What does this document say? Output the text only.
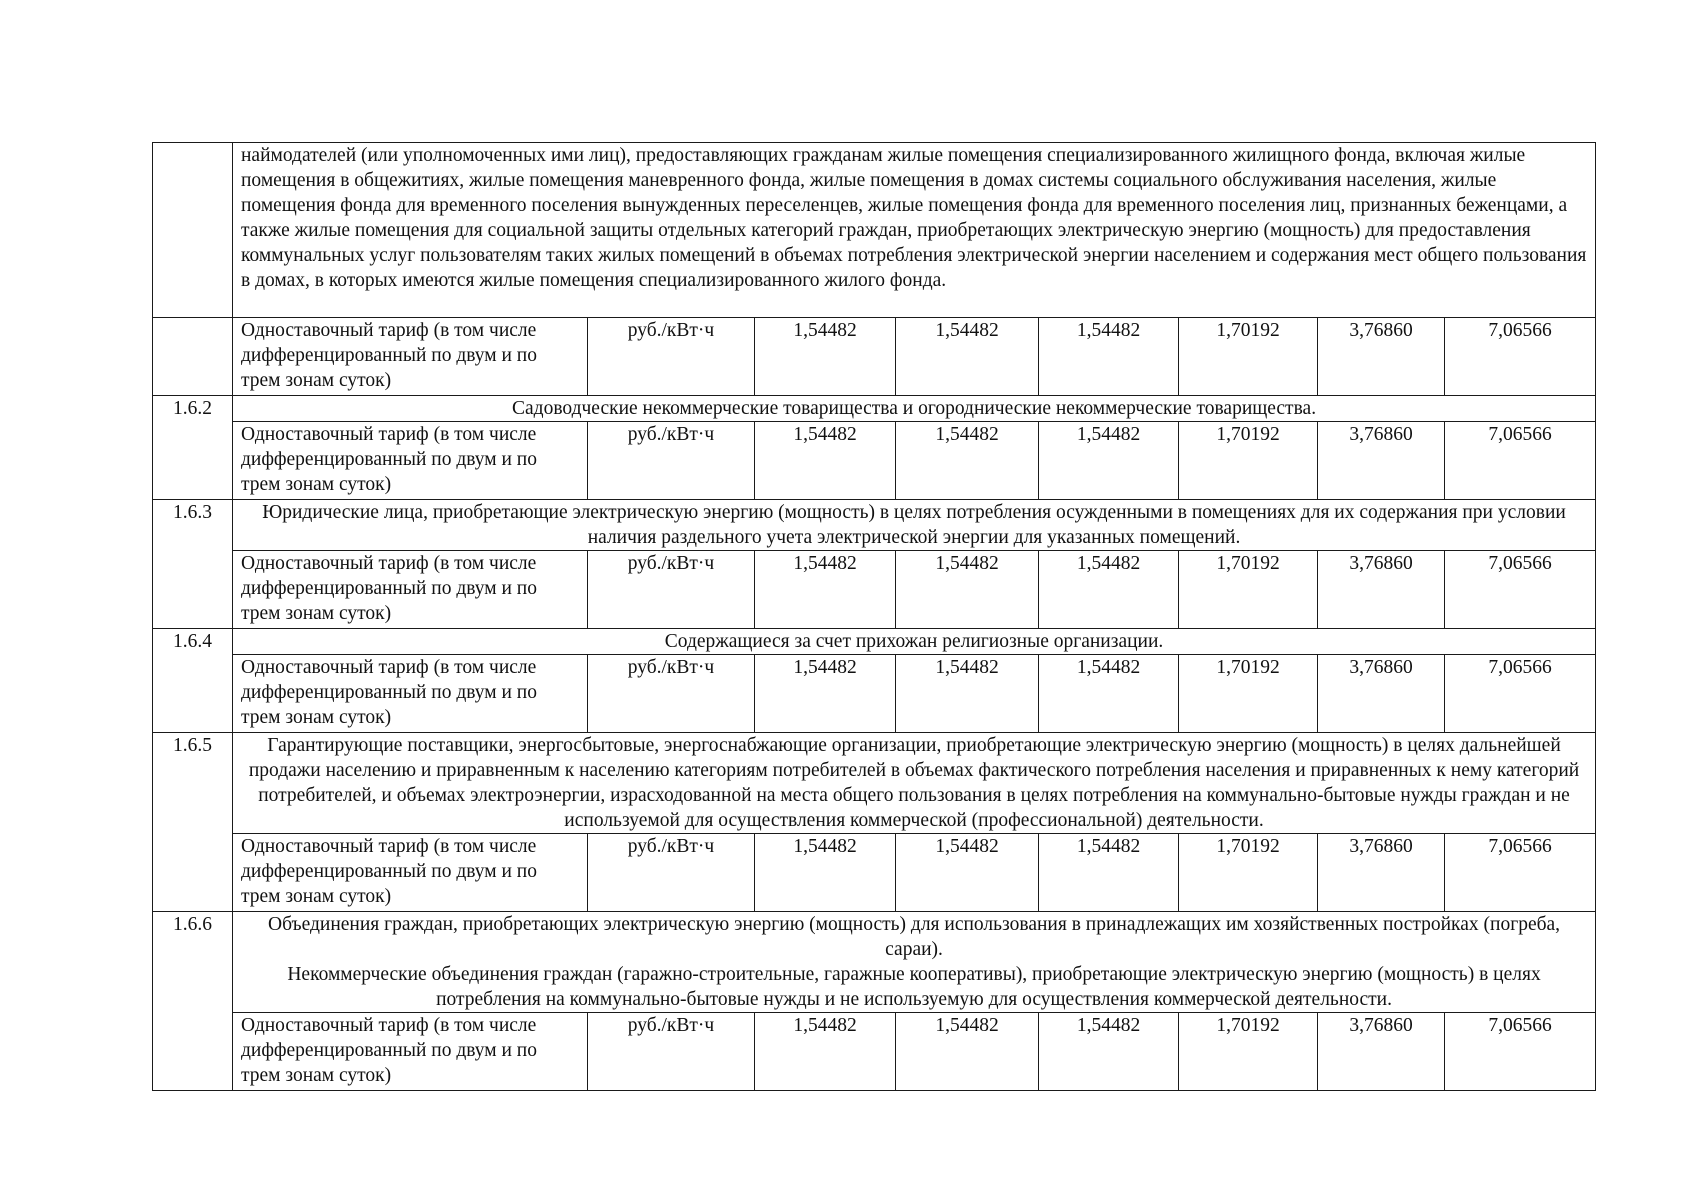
	наймодателей (или уполномоченных ими лиц), предоставляющих гражданам жилые помещения специализированного жилищного фонда, включая жилые помещения в общежитиях, жилые помещения маневренного фонда, жилые помещения в домах системы социального обслуживания населения, жилые помещения фонда для временного поселения вынужденных переселенцев, жилые помещения фонда для временного поселения лиц, признанных беженцами, а также жилые помещения для социальной защиты отдельных категорий граждан, приобретающих электрическую энергию (мощность) для предоставления коммунальных услуг пользователям таких жилых помещений в объемах потребления электрической энергии населением и содержания мест общего пользования в домах, в которых имеются жилые помещения специализированного жилого фонда.							
	Одноставочный тариф (в том числе дифференцированный по двум и по трем зонам суток)	руб./кВт·ч	1,54482	1,54482	1,54482	1,70192	3,76860	7,06566
1.6.2	Садоводческие некоммерческие товарищества и огороднические некоммерческие товарищества.							

	Одноставочный тариф (в том числе дифференцированный по двум и по трем зонам суток)	руб./кВт·ч	1,54482	1,54482	1,54482	1,70192	3,76860	7,06566
1.6.3	Юридические лица, приобретающие электрическую энергию (мощность) в целях потребления осужденными в помещениях для их содержания при условии наличия раздельного учета электрической энергии для указанных помещений.							

	Одноставочный тариф (в том числе дифференцированный по двум и по трем зонам суток)	руб./кВт·ч	1,54482	1,54482	1,54482	1,70192	3,76860	7,06566
1.6.4	Содержащиеся за счет прихожан религиозные организации.							

	Одноставочный тариф (в том числе дифференцированный по двум и по трем зонам суток)	руб./кВт·ч	1,54482	1,54482	1,54482	1,70192	3,76860	7,06566
1.6.5	Гарантирующие поставщики, энергосбытовые, энергоснабжающие организации, приобретающие электрическую энергию (мощность) в целях дальнейшей продажи населению и приравненным к населению категориям потребителей в объемах фактического потребления населения и приравненных к нему категорий потребителей, и объемах электроэнергии, израсходованной на места общего пользования в целях потребления на коммунально-бытовые нужды граждан и не используемой для осуществления коммерческой (профессиональной) деятельности.							

	Одноставочный тариф (в том числе дифференцированный по двум и по трем зонам суток)	руб./кВт·ч	1,54482	1,54482	1,54482	1,70192	3,76860	7,06566
1.6.6	Объединения граждан, приобретающих электрическую энергию (мощность) для использования в принадлежащих им хозяйственных постройках (погреба, сараи).
Некоммерческие объединения граждан (гаражно-строительные, гаражные кооперативы), приобретающие электрическую энергию (мощность) в целях потребления на коммунально-бытовые нужды и не используемую для осуществления коммерческой деятельности.							

	Одноставочный тариф (в том числе дифференцированный по двум и по трем зонам суток)	руб./кВт·ч	1,54482	1,54482	1,54482	1,70192	3,76860	7,06566
